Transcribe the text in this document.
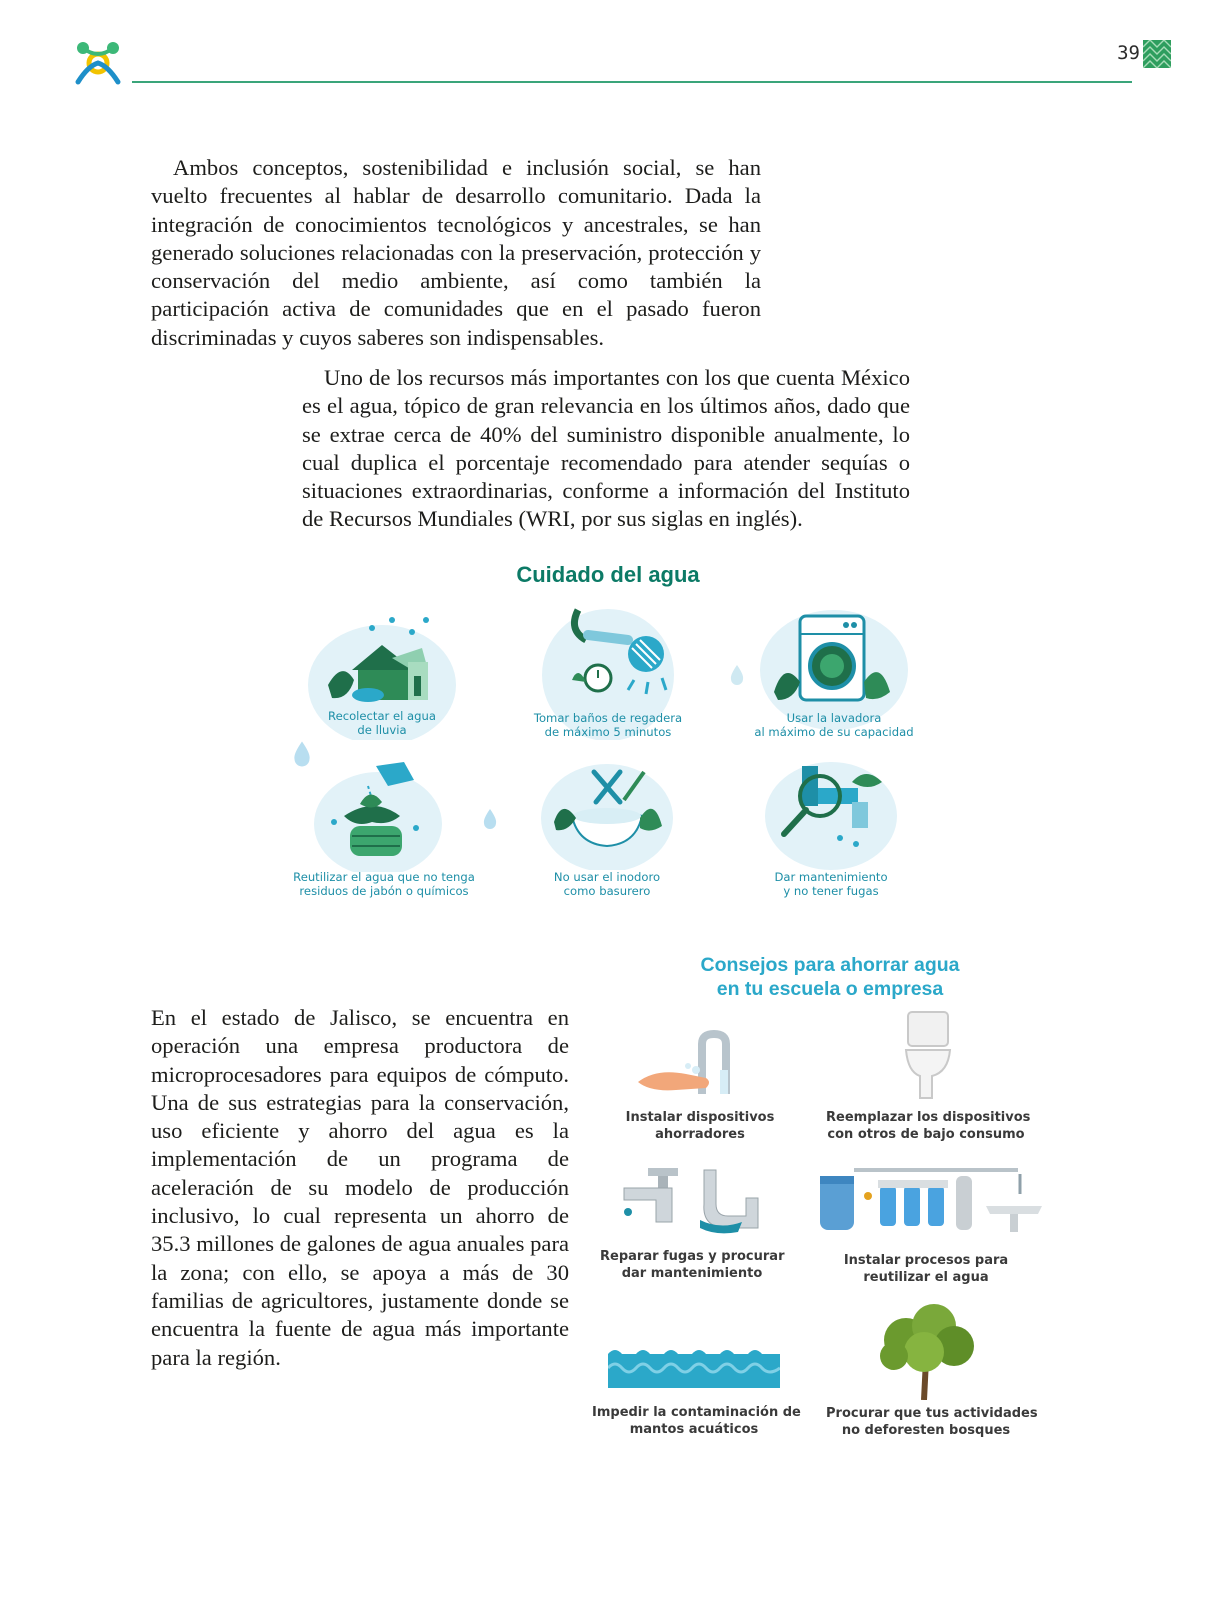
39

Ambos conceptos, sostenibilidad e inclusión social, se han vuelto frecuentes al hablar de desarrollo comunitario. Dada la integración de conocimientos tecnológicos y ancestrales, se han generado soluciones relacionadas con la preservación, protección y conservación del medio ambiente, así como también la participación activa de comunidades que en el pasado fueron discriminadas y cuyos saberes son indispensables.

Uno de los recursos más importantes con los que cuenta México es el agua, tópico de gran relevancia en los últimos años, dado que se extrae cerca de 40% del suministro disponible anualmente, lo cual duplica el porcentaje recomendado para atender sequías o situaciones extraordinarias, conforme a información del Instituto de Recursos Mundiales (WRI, por sus siglas en inglés).

En el estado de Jalisco, se encuentra en operación una empresa productora de microprocesadores para equipos de cómputo. Una de sus estrategias para la conservación, uso eficiente y ahorro del agua es la implementación de un programa de aceleración de su modelo de producción inclusivo, lo cual representa un ahorro de 35.3 millones de galones de agua anuales para la zona; con ello, se apoya a más de 30 familias de agricultores, justamente donde se encuentra la fuente de agua más importante para la región.

Cuidado del agua
Recolectar el agua
de lluvia
Tomar baños de regadera
de máximo 5 minutos
Usar la lavadora
al máximo de su capacidad
Reutilizar el agua que no tenga
residuos de jabón o químicos
No usar el inodoro
como basurero
Dar mantenimiento
y no tener fugas
Consejos para ahorrar agua
en tu escuela o empresa
Instalar dispositivos
ahorradores
Reemplazar los dispositivos
con otros de bajo consumo
Reparar fugas y procurar
dar mantenimiento
Instalar procesos para
reutilizar el agua
Impedir la contaminación de
mantos acuáticos
Procurar que tus actividades
no deforesten bosques
